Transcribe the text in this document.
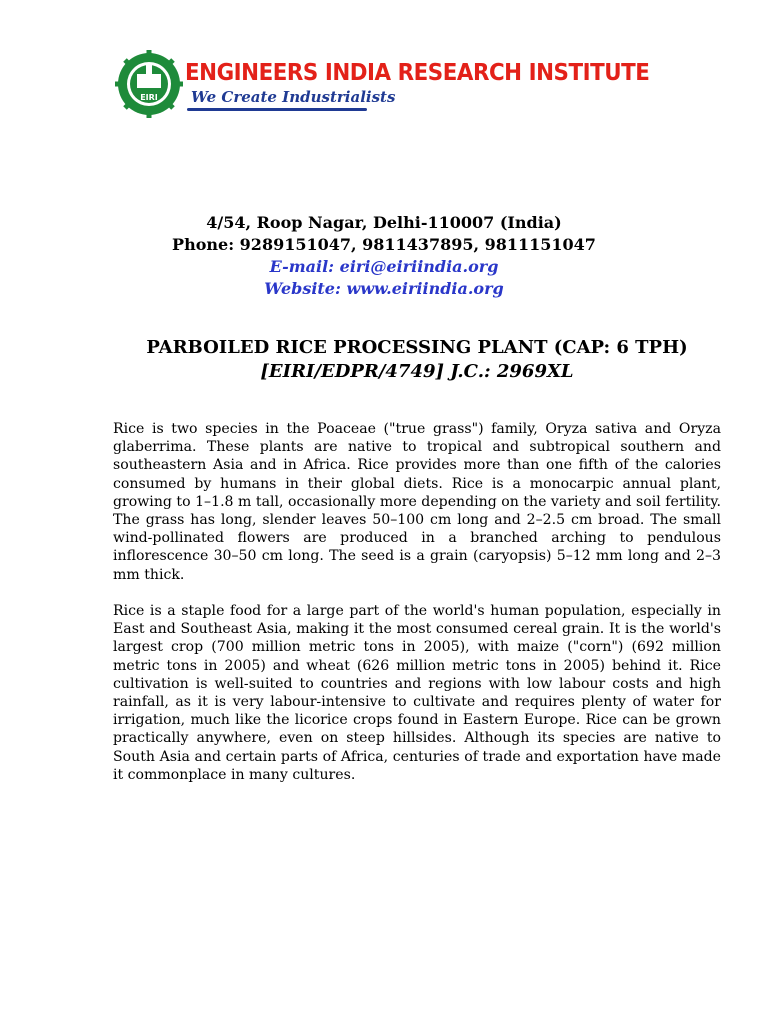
EIRI
ENGINEERS INDIA RESEARCH INSTITUTE
We Create Industrialists
4/54, Roop Nagar, Delhi-110007 (India)
Phone: 9289151047, 9811437895, 9811151047
E-mail: eiri@eiriindia.org
Website: www.eiriindia.org
PARBOILED RICE PROCESSING PLANT (CAP: 6 TPH)
[EIRI/EDPR/4749] J.C.: 2969XL
Rice is two species in the Poaceae ("true grass") family, Oryza sativa and Oryza glaberrima. These plants are native to tropical and subtropical southern and southeastern Asia and in Africa. Rice provides more than one fifth of the calories consumed by humans in their global diets. Rice is a monocarpic annual plant, growing to 1–1.8 m tall, occasionally more depending on the variety and soil fertility. The grass has long, slender leaves 50–100 cm long and 2–2.5 cm broad. The small wind-pollinated flowers are produced in a branched arching to pendulous inflorescence 30–50 cm long. The seed is a grain (caryopsis) 5–12 mm long and 2–3 mm thick.
Rice is a staple food for a large part of the world's human population, especially in East and Southeast Asia, making it the most consumed cereal grain. It is the world's largest crop (700 million metric tons in 2005), with maize ("corn") (692 million metric tons in 2005) and wheat (626 million metric tons in 2005) behind it. Rice cultivation is well-suited to countries and regions with low labour costs and high rainfall, as it is very labour-intensive to cultivate and requires plenty of water for irrigation, much like the licorice crops found in Eastern Europe. Rice can be grown practically anywhere, even on steep hillsides. Although its species are native to South Asia and certain parts of Africa, centuries of trade and exportation have made it commonplace in many cultures.
